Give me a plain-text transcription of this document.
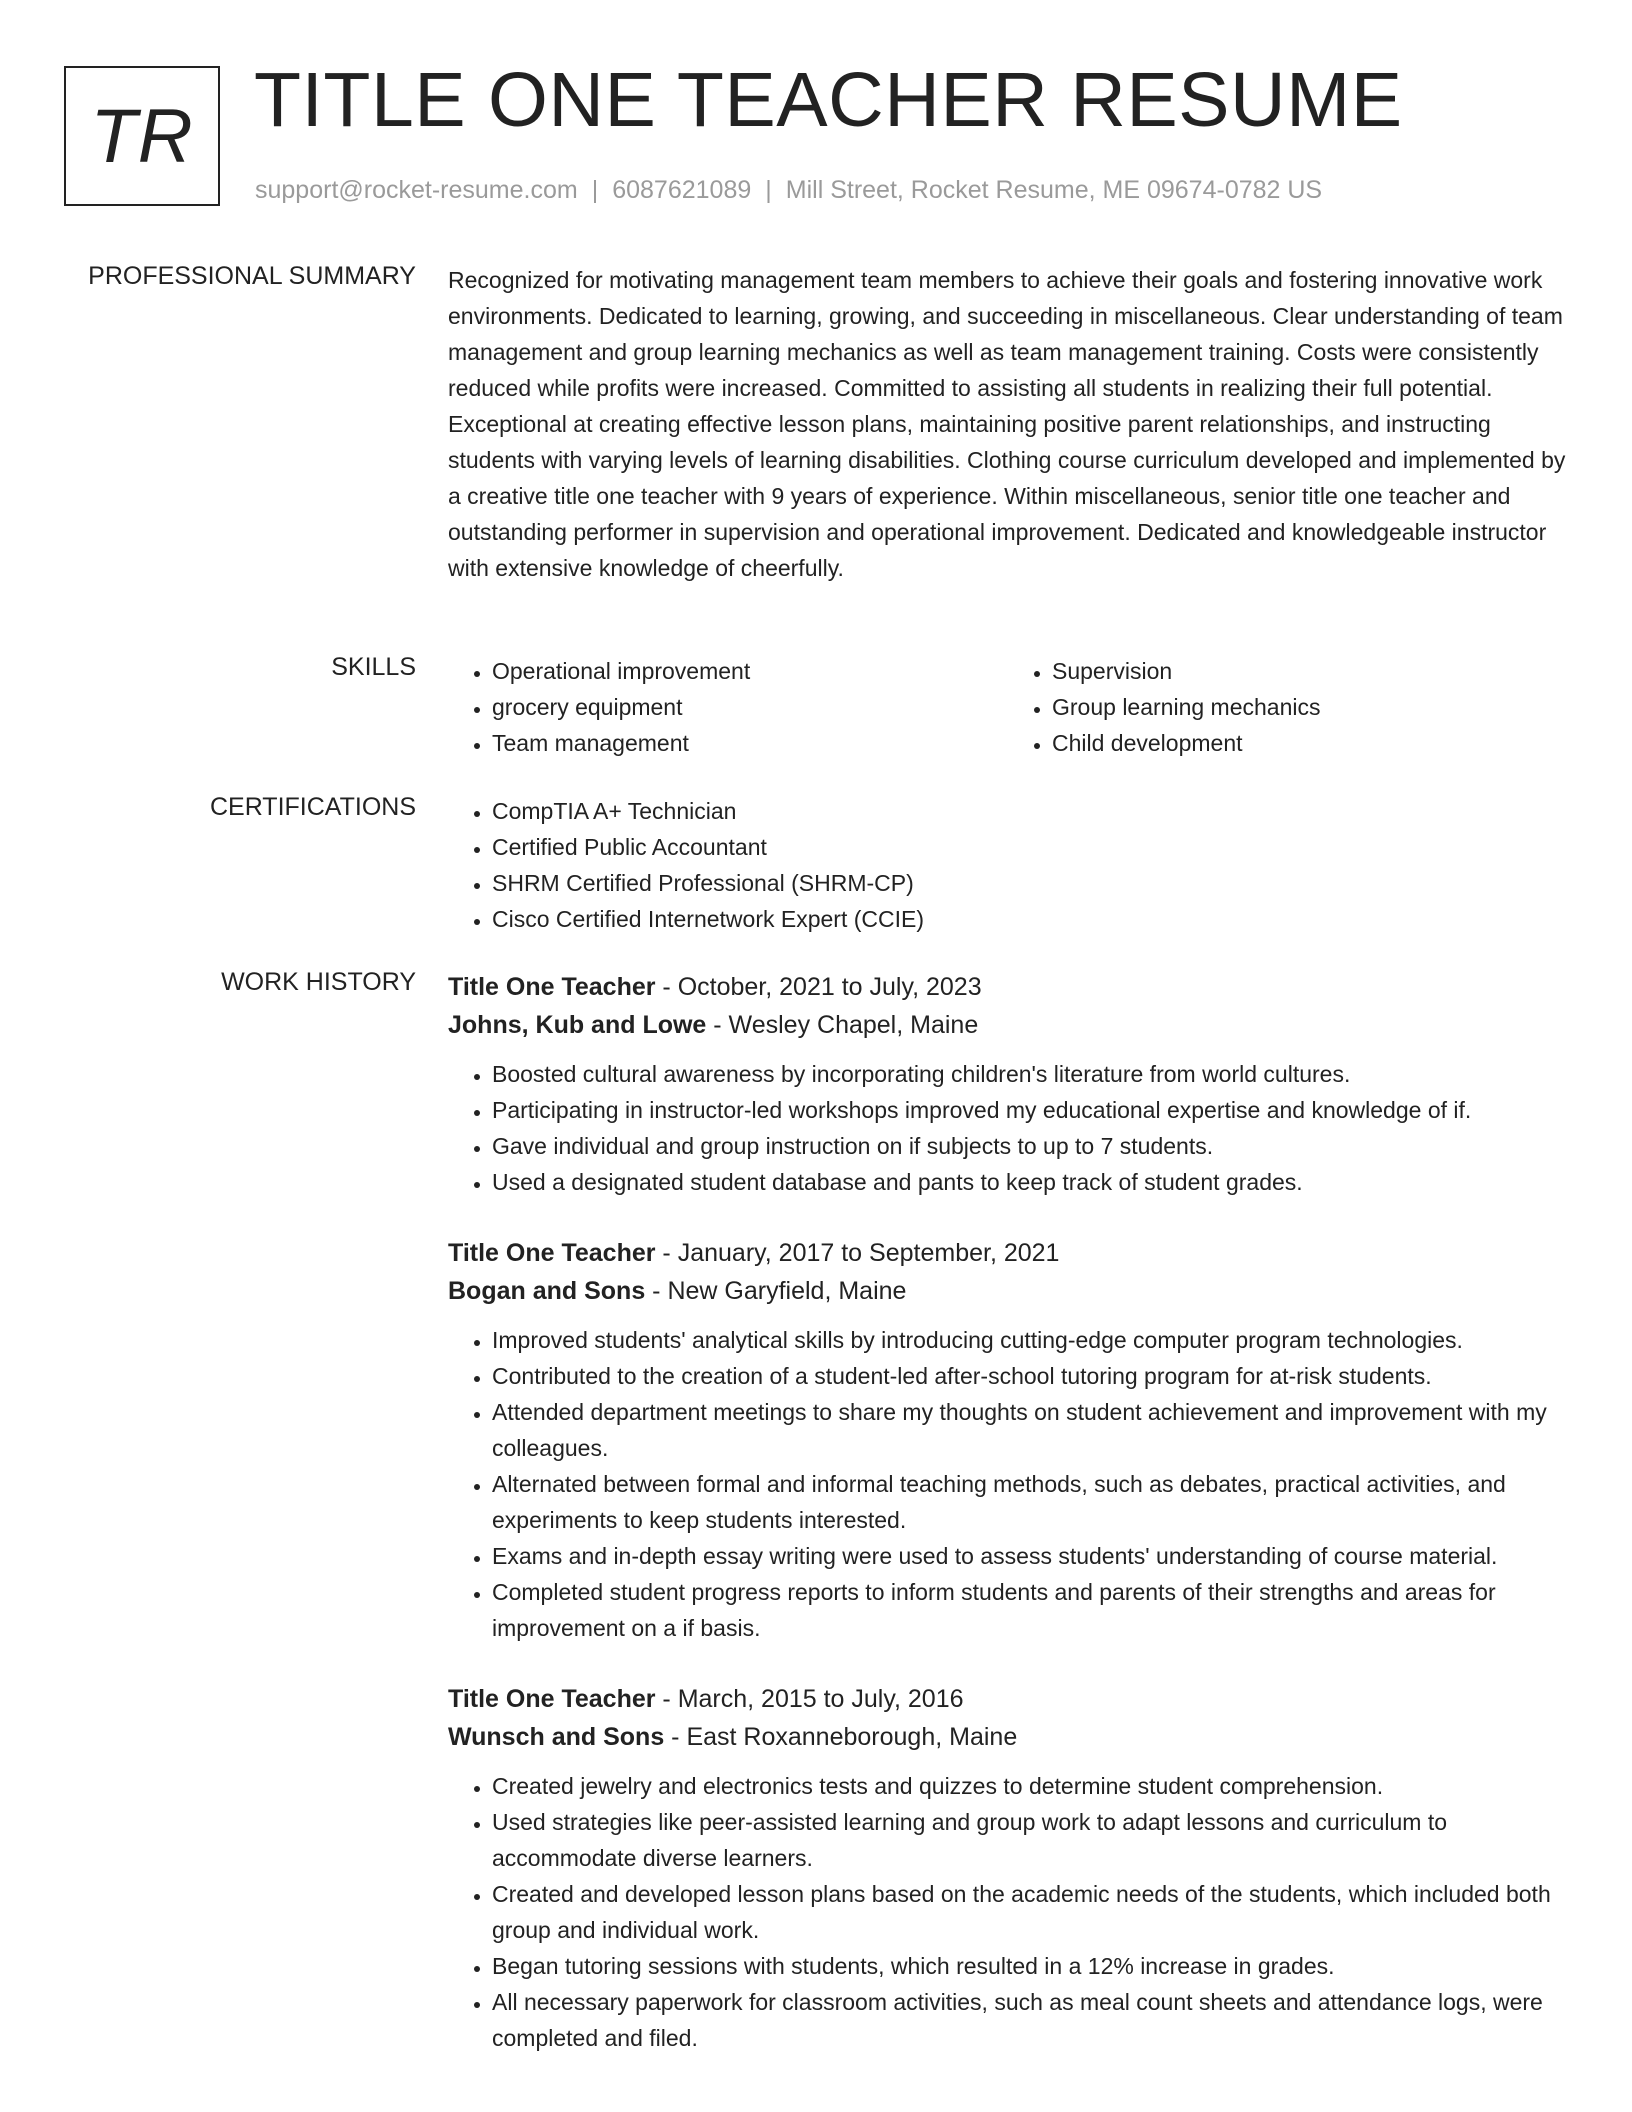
TR TITLE ONE TEACHER RESUME
support@rocket-resume.com | 6087621089 | Mill Street, Rocket Resume, ME 09674-0782 US
PROFESSIONAL SUMMARY Recognized for motivating management team members to achieve their goals and fostering innovative work environments. Dedicated to learning, growing, and succeeding in miscellaneous. Clear understanding of team management and group learning mechanics as well as team management training. Costs were consistently reduced while profits were increased. Committed to assisting all students in realizing their full potential. Exceptional at creating effective lesson plans, maintaining positive parent relationships, and instructing students with varying levels of learning disabilities. Clothing course curriculum developed and implemented by a creative title one teacher with 9 years of experience. Within miscellaneous, senior title one teacher and outstanding performer in supervision and operational improvement. Dedicated and knowledgeable instructor with extensive knowledge of cheerfully.

SKILLS	• Operational improvement
• grocery equipment
• Team management
• Supervision
• Group learning mechanics
• Child development
CERTIFICATIONS	• CompTIA A+ Technician
• Certified Public Accountant
• SHRM Certified Professional (SHRM-CP)
• Cisco Certified Internetwork Expert (CCIE)
WORK HISTORY Title One Teacher - October, 2021 to July, 2023
Johns, Kub and Lowe - Wesley Chapel, Maine
• Boosted cultural awareness by incorporating children's literature from world cultures.
• Participating in instructor-led workshops improved my educational expertise and knowledge of if.
• Gave individual and group instruction on if subjects to up to 7 students.
• Used a designated student database and pants to keep track of student grades.
Title One Teacher - January, 2017 to September, 2021
Bogan and Sons - New Garyfield, Maine
• Improved students' analytical skills by introducing cutting-edge computer program technologies.
• Contributed to the creation of a student-led after-school tutoring program for at-risk students.
• Attended department meetings to share my thoughts on student achievement and improvement with my colleagues.
• Alternated between formal and informal teaching methods, such as debates, practical activities, and experiments to keep students interested.
• Exams and in-depth essay writing were used to assess students' understanding of course material.
• Completed student progress reports to inform students and parents of their strengths and areas for improvement on a if basis.
Title One Teacher - March, 2015 to July, 2016
Wunsch and Sons - East Roxanneborough, Maine
• Created jewelry and electronics tests and quizzes to determine student comprehension.
• Used strategies like peer-assisted learning and group work to adapt lessons and curriculum to accommodate diverse learners.
• Created and developed lesson plans based on the academic needs of the students, which included both group and individual work.
• Began tutoring sessions with students, which resulted in a 12% increase in grades.
• All necessary paperwork for classroom activities, such as meal count sheets and attendance logs, were completed and filed.
